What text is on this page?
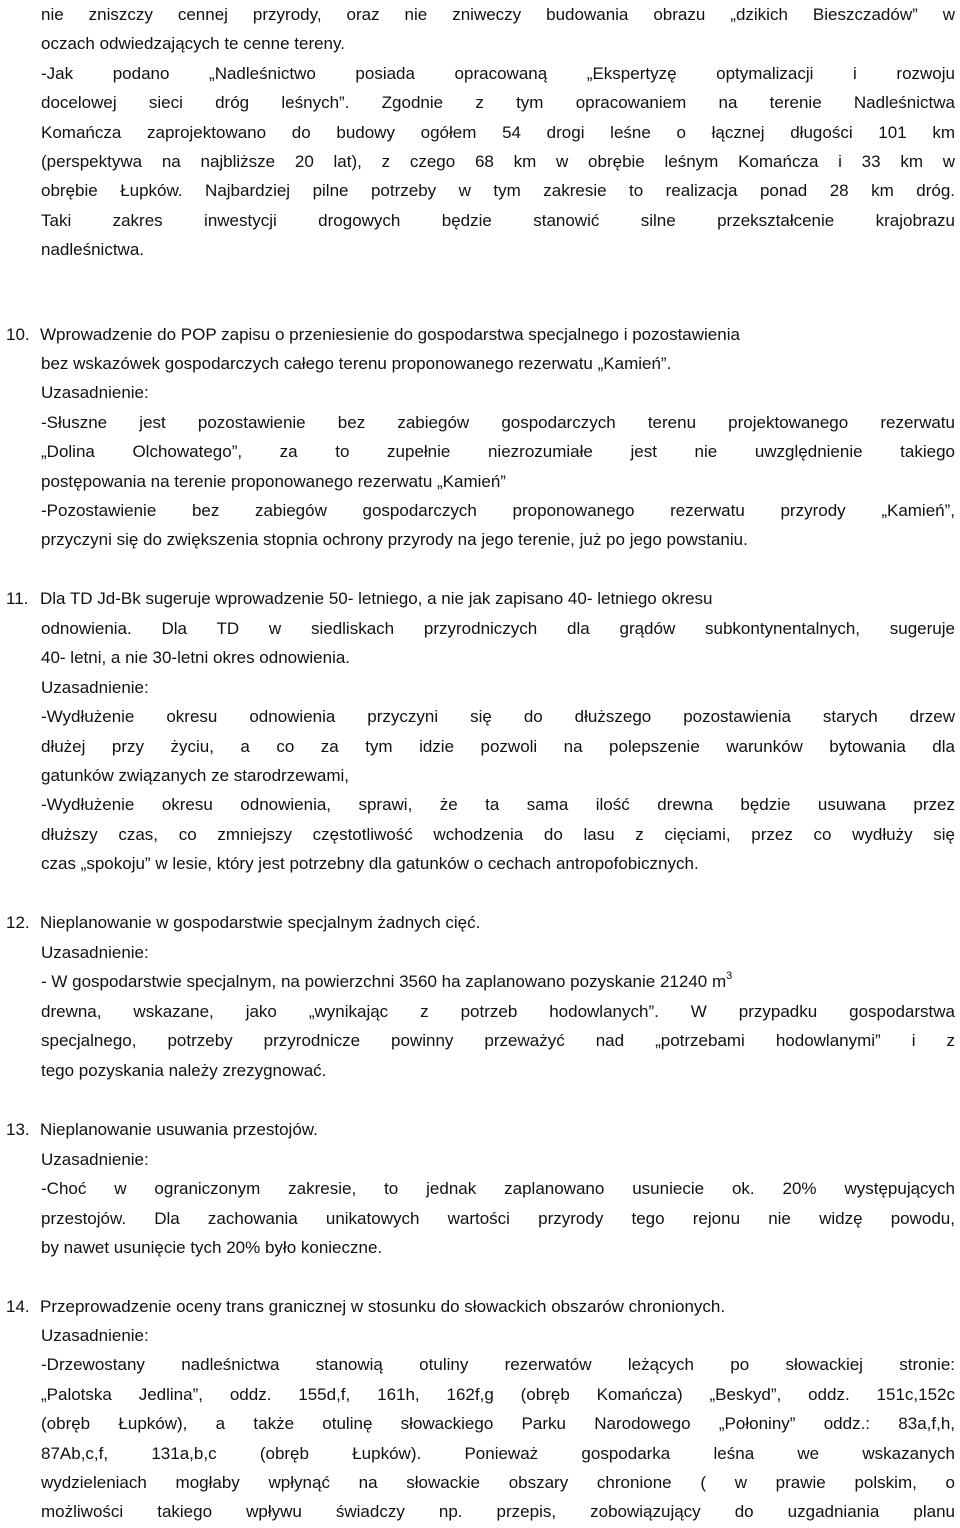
nie zniszczy cennej przyrody, oraz nie zniweczy budowania obrazu „dzikich Bieszczadów” w
oczach odwiedzających te cenne tereny.
-Jak podano „Nadleśnictwo posiada opracowaną „Ekspertyzę optymalizacji i rozwoju
docelowej sieci dróg leśnych”. Zgodnie z tym opracowaniem na terenie Nadleśnictwa
Komańcza zaprojektowano do budowy ogółem 54 drogi leśne o łącznej długości 101 km
(perspektywa na najbliższe 20 lat), z czego 68 km w obrębie leśnym Komańcza i 33 km w
obrębie Łupków. Najbardziej pilne potrzeby w tym zakresie to realizacja ponad 28 km dróg.
Taki zakres inwestycji drogowych będzie stanowić silne przekształcenie krajobrazu
nadleśnictwa.
10. Wprowadzenie do POP zapisu o przeniesienie do gospodarstwa specjalnego i pozostawienia
bez wskazówek gospodarczych całego terenu proponowanego rezerwatu „Kamień”.
Uzasadnienie:
-Słuszne jest pozostawienie bez zabiegów gospodarczych terenu projektowanego rezerwatu
„Dolina Olchowatego”, za to zupełnie niezrozumiałe jest nie uwzględnienie takiego
postępowania na terenie proponowanego rezerwatu „Kamień”
-Pozostawienie bez zabiegów gospodarczych proponowanego rezerwatu przyrody „Kamień”,
przyczyni się do zwiększenia stopnia ochrony przyrody na jego terenie, już po jego powstaniu.
11. Dla TD Jd-Bk sugeruje wprowadzenie 50- letniego, a nie jak zapisano 40- letniego okresu
odnowienia. Dla TD w siedliskach przyrodniczych dla grądów subkontynentalnych, sugeruje
40- letni, a nie 30-letni okres odnowienia.
Uzasadnienie:
-Wydłużenie okresu odnowienia przyczyni się do dłuższego pozostawienia starych drzew
dłużej przy życiu, a co za tym idzie pozwoli na polepszenie warunków bytowania dla
gatunków związanych ze starodrzewami,
-Wydłużenie okresu odnowienia, sprawi, że ta sama ilość drewna będzie usuwana przez
dłuższy czas, co zmniejszy częstotliwość wchodzenia do lasu z cięciami, przez co wydłuży się
czas „spokoju” w lesie, który jest potrzebny dla gatunków o cechach antropofobicznych.
12. Nieplanowanie w gospodarstwie specjalnym żadnych cięć.
Uzasadnienie:
- W gospodarstwie specjalnym, na powierzchni 3560 ha zaplanowano pozyskanie 21240 $m^3$
drewna, wskazane, jako „wynikając z potrzeb hodowlanych”. W przypadku gospodarstwa
specjalnego, potrzeby przyrodnicze powinny przeważyć nad „potrzebami hodowlanymi” i z
tego pozyskania należy zrezygnować.
13. Nieplanowanie usuwania przestojów.
Uzasadnienie:
-Choć w ograniczonym zakresie, to jednak zaplanowano usuniecie ok. 20% występujących
przestojów. Dla zachowania unikatowych wartości przyrody tego rejonu nie widzę powodu,
by nawet usunięcie tych 20% było konieczne.
14. Przeprowadzenie oceny trans granicznej w stosunku do słowackich obszarów chronionych.
Uzasadnienie:
-Drzewostany nadleśnictwa stanowią otuliny rezerwatów leżących po słowackiej stronie:
„Palotska Jedlina”, oddz. 155d,f, 161h, 162f,g (obręb Komańcza) „Beskyd”, oddz. 151c,152c
(obręb Łupków), a także otulinę słowackiego Parku Narodowego „Połoniny” oddz.: 83a,f,h,
87Ab,c,f, 131a,b,c (obręb Łupków). Ponieważ gospodarka leśna we wskazanych
wydzieleniach mogłaby wpłynąć na słowackie obszary chronione ( w prawie polskim, o
możliwości takiego wpływu świadczy np. przepis, zobowiązujący do uzgadniania planu
